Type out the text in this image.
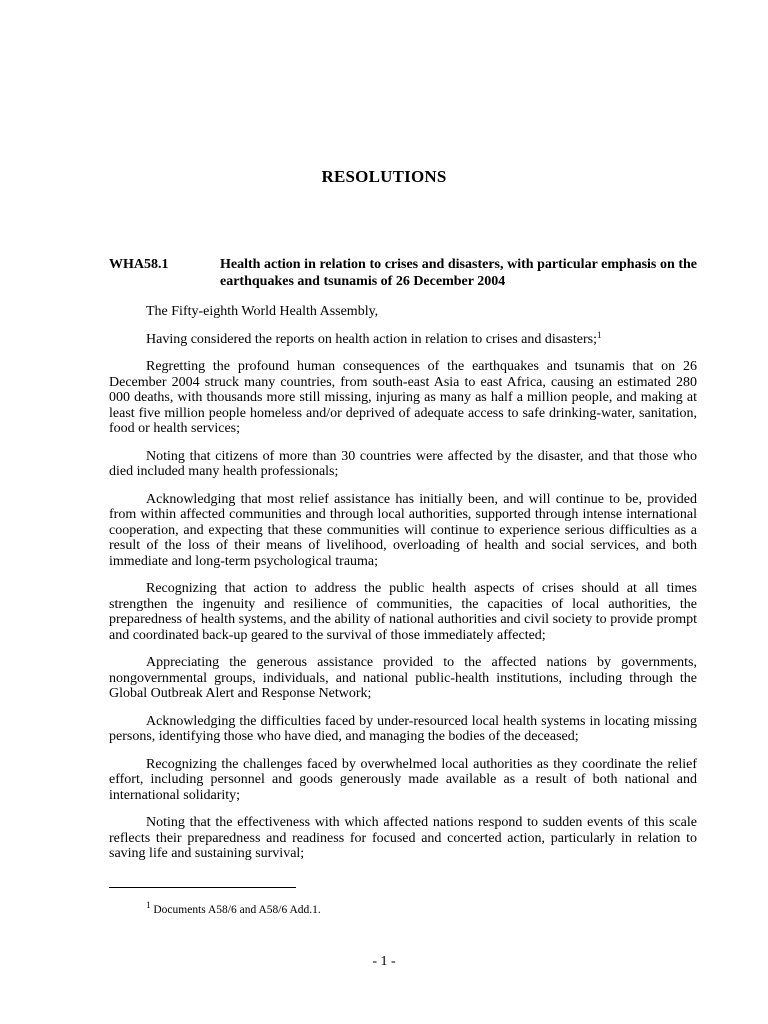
RESOLUTIONS
WHA58.1	Health action in relation to crises and disasters, with particular emphasis on the earthquakes and tsunamis of 26 December 2004

The Fifty-eighth World Health Assembly,

Having considered the reports on health action in relation to crises and disasters;$^1$

Regretting the profound human consequences of the earthquakes and tsunamis that on 26 December 2004 struck many countries, from south-east Asia to east Africa, causing an estimated 280 000 deaths, with thousands more still missing, injuring as many as half a million people, and making at least five million people homeless and/or deprived of adequate access to safe drinking-water, sanitation, food or health services;

Noting that citizens of more than 30 countries were affected by the disaster, and that those who died included many health professionals;

Acknowledging that most relief assistance has initially been, and will continue to be, provided from within affected communities and through local authorities, supported through intense international cooperation, and expecting that these communities will continue to experience serious difficulties as a result of the loss of their means of livelihood, overloading of health and social services, and both immediate and long-term psychological trauma;

Recognizing that action to address the public health aspects of crises should at all times strengthen the ingenuity and resilience of communities, the capacities of local authorities, the preparedness of health systems, and the ability of national authorities and civil society to provide prompt and coordinated back-up geared to the survival of those immediately affected;

Appreciating the generous assistance provided to the affected nations by governments, nongovernmental groups, individuals, and national public-health institutions, including through the Global Outbreak Alert and Response Network;

Acknowledging the difficulties faced by under-resourced local health systems in locating missing persons, identifying those who have died, and managing the bodies of the deceased;

Recognizing the challenges faced by overwhelmed local authorities as they coordinate the relief effort, including personnel and goods generously made available as a result of both national and international solidarity;

Noting that the effectiveness with which affected nations respond to sudden events of this scale reflects their preparedness and readiness for focused and concerted action, particularly in relation to saving life and sustaining survival;

$^1$ Documents A58/6 and A58/6 Add.1.
- 1 -
